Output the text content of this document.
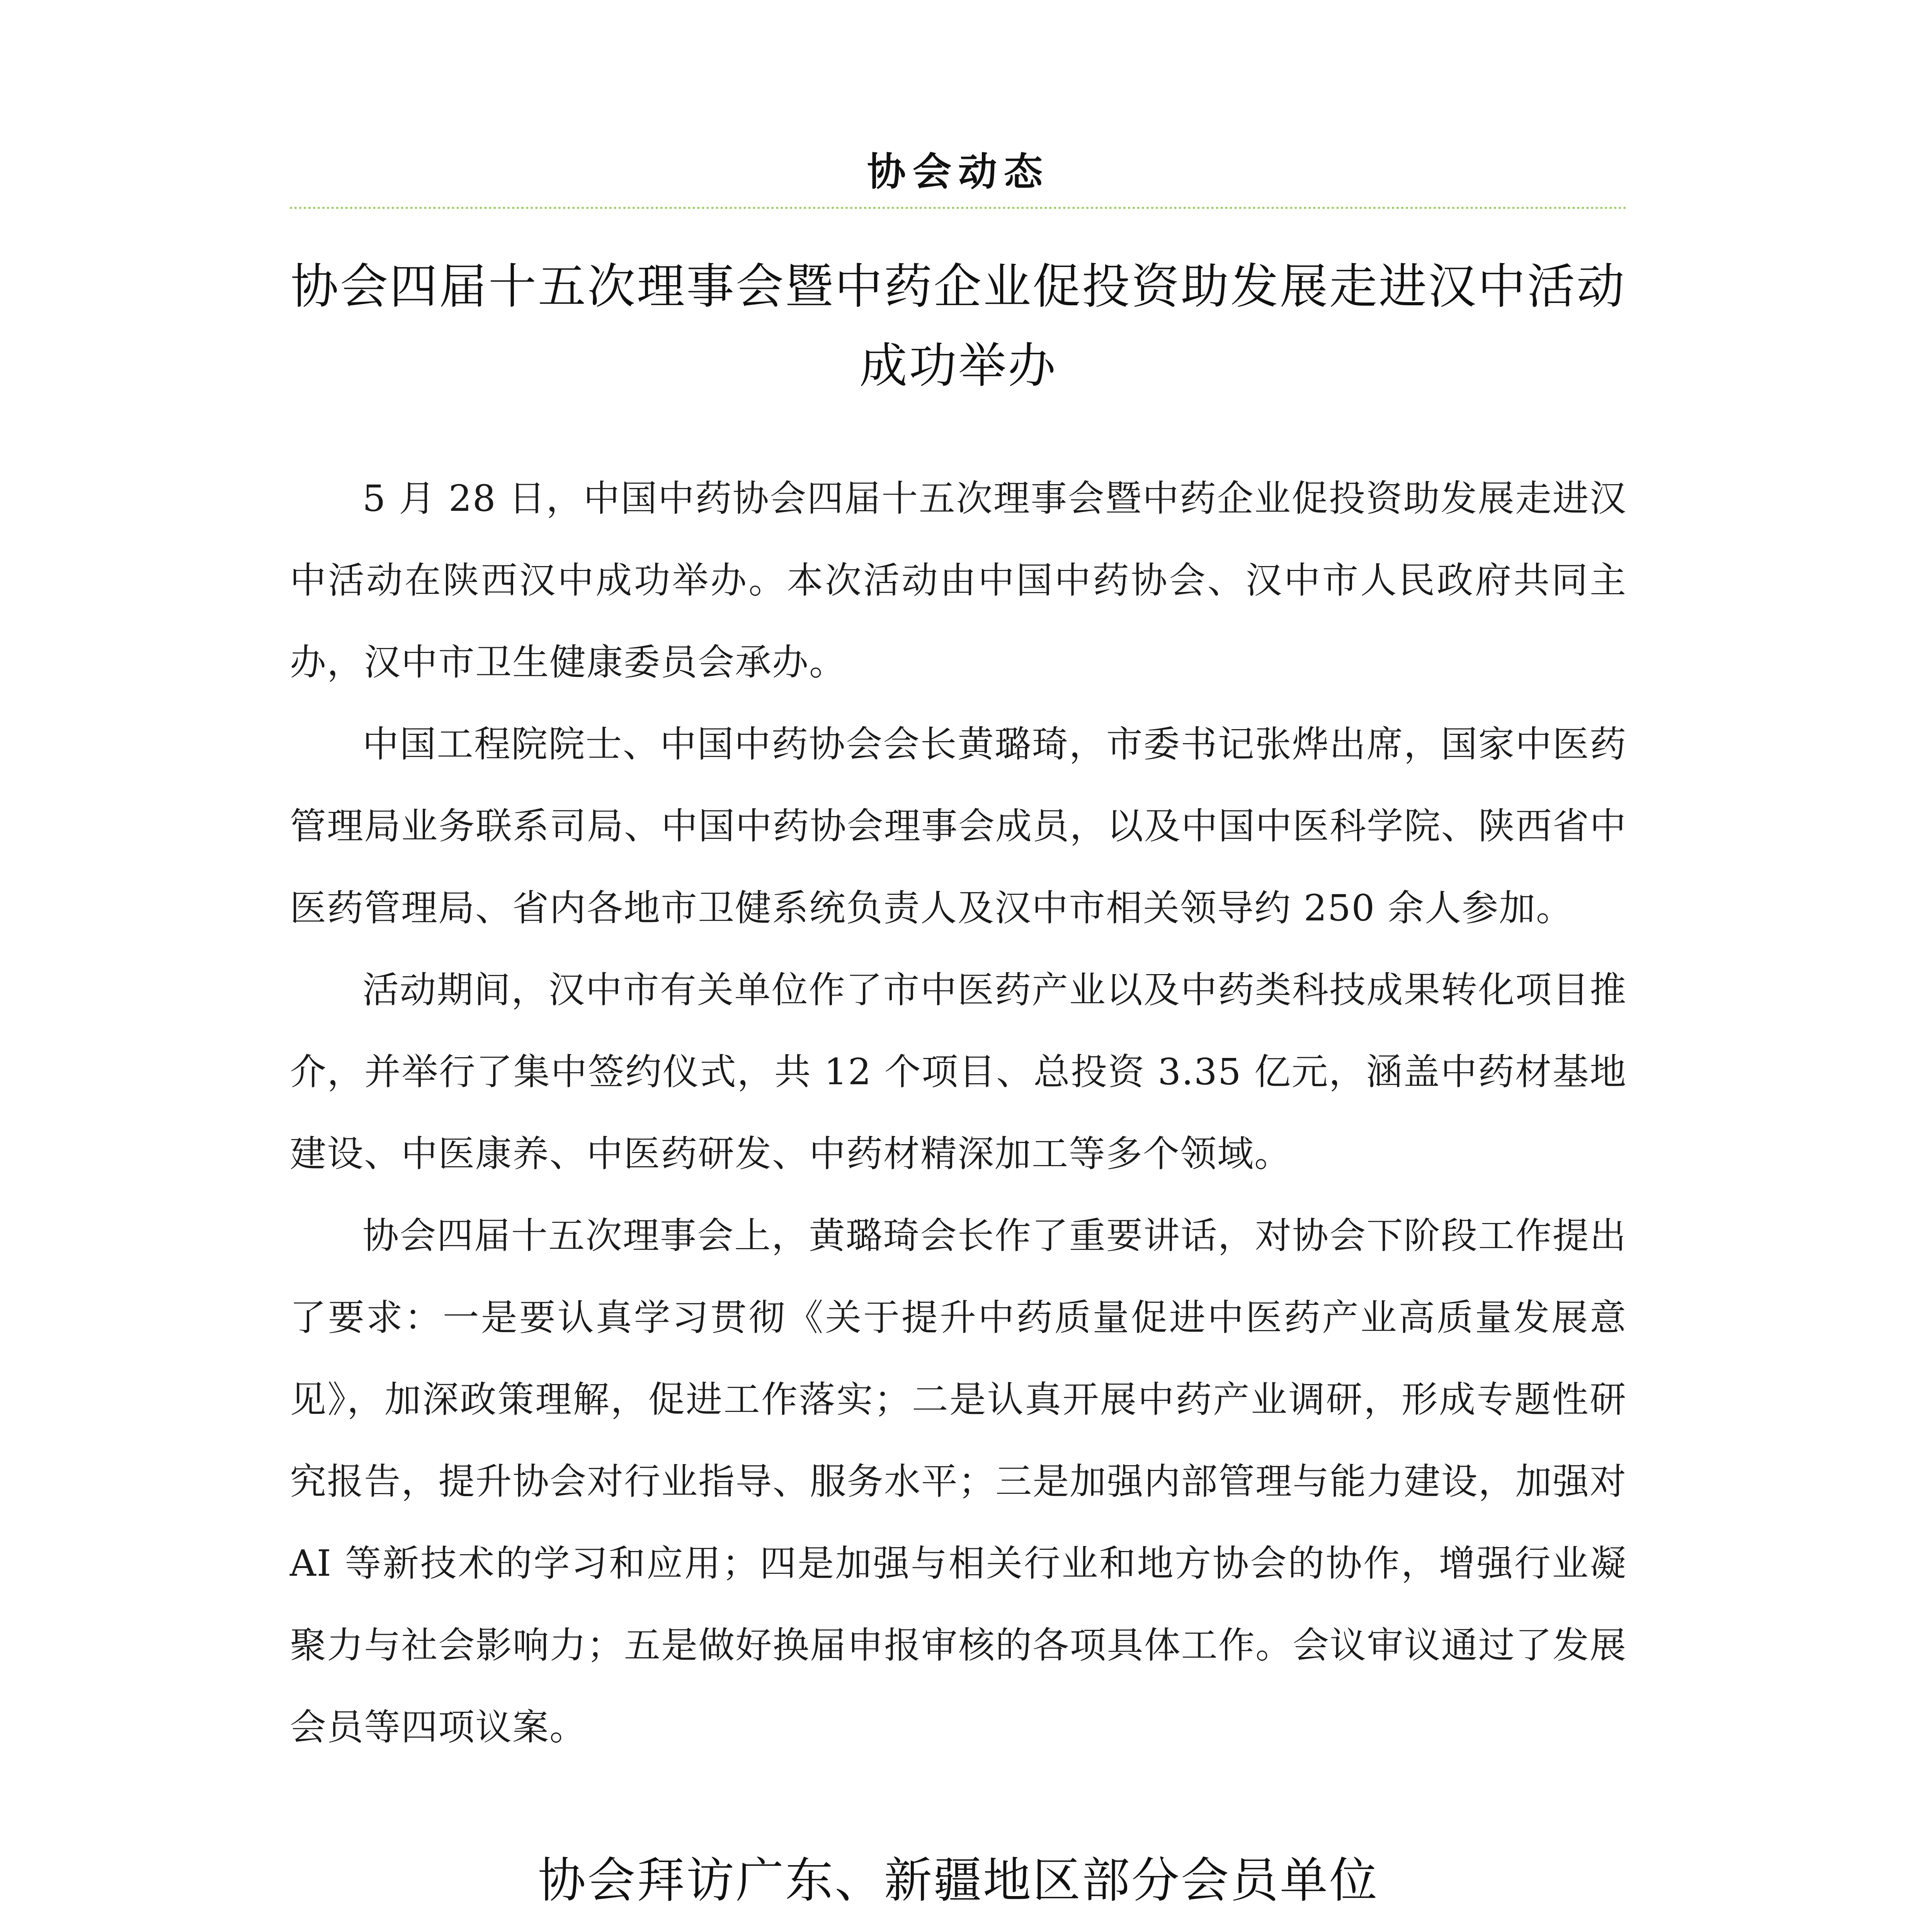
协会动态
协会四届十五次理事会暨中药企业促投资助发展走进汉中活动
成功举办

5 月 28 日，中国中药协会四届十五次理事会暨中药企业促投资助发展走进汉中活动在陕西汉中成功举办。本次活动由中国中药协会、汉中市人民政府共同主办，汉中市卫生健康委员会承办。

中国工程院院士、中国中药协会会长黄璐琦，市委书记张烨出席，国家中医药管理局业务联系司局、中国中药协会理事会成员，以及中国中医科学院、陕西省中医药管理局、省内各地市卫健系统负责人及汉中市相关领导约 250 余人参加。

活动期间，汉中市有关单位作了市中医药产业以及中药类科技成果转化项目推介，并举行了集中签约仪式，共 12 个项目、总投资 3.35 亿元，涵盖中药材基地建设、中医康养、中医药研发、中药材精深加工等多个领域。

协会四届十五次理事会上，黄璐琦会长作了重要讲话，对协会下阶段工作提出了要求：一是要认真学习贯彻《关于提升中药质量促进中医药产业高质量发展意见》，加深政策理解，促进工作落实；二是认真开展中药产业调研，形成专题性研究报告，提升协会对行业指导、服务水平；三是加强内部管理与能力建设，加强对 AI 等新技术的学习和应用；四是加强与相关行业和地方协会的协作，增强行业凝聚力与社会影响力；五是做好换届申报审核的各项具体工作。会议审议通过了发展会员等四项议案。

协会拜访广东、新疆地区部分会员单位
